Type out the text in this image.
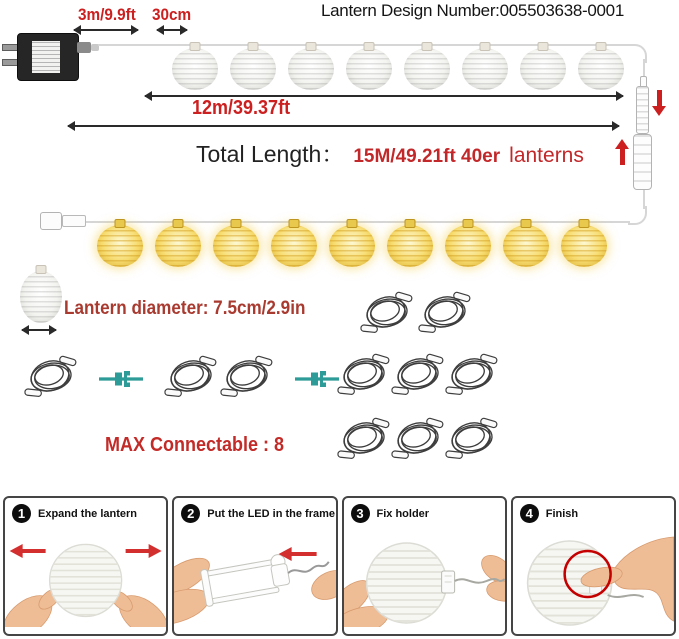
Lantern Design Number:005503638-0001
3m/9.9ft 30cm
12m/39.37ft
Total Length： 15M/49.21ft 40er lanterns
Lantern diameter: 7.5cm/2.9in
MAX Connectable : 8
1	Expand the lantern	2	Put the LED in the frame	3	Fix holder	4	Finish
